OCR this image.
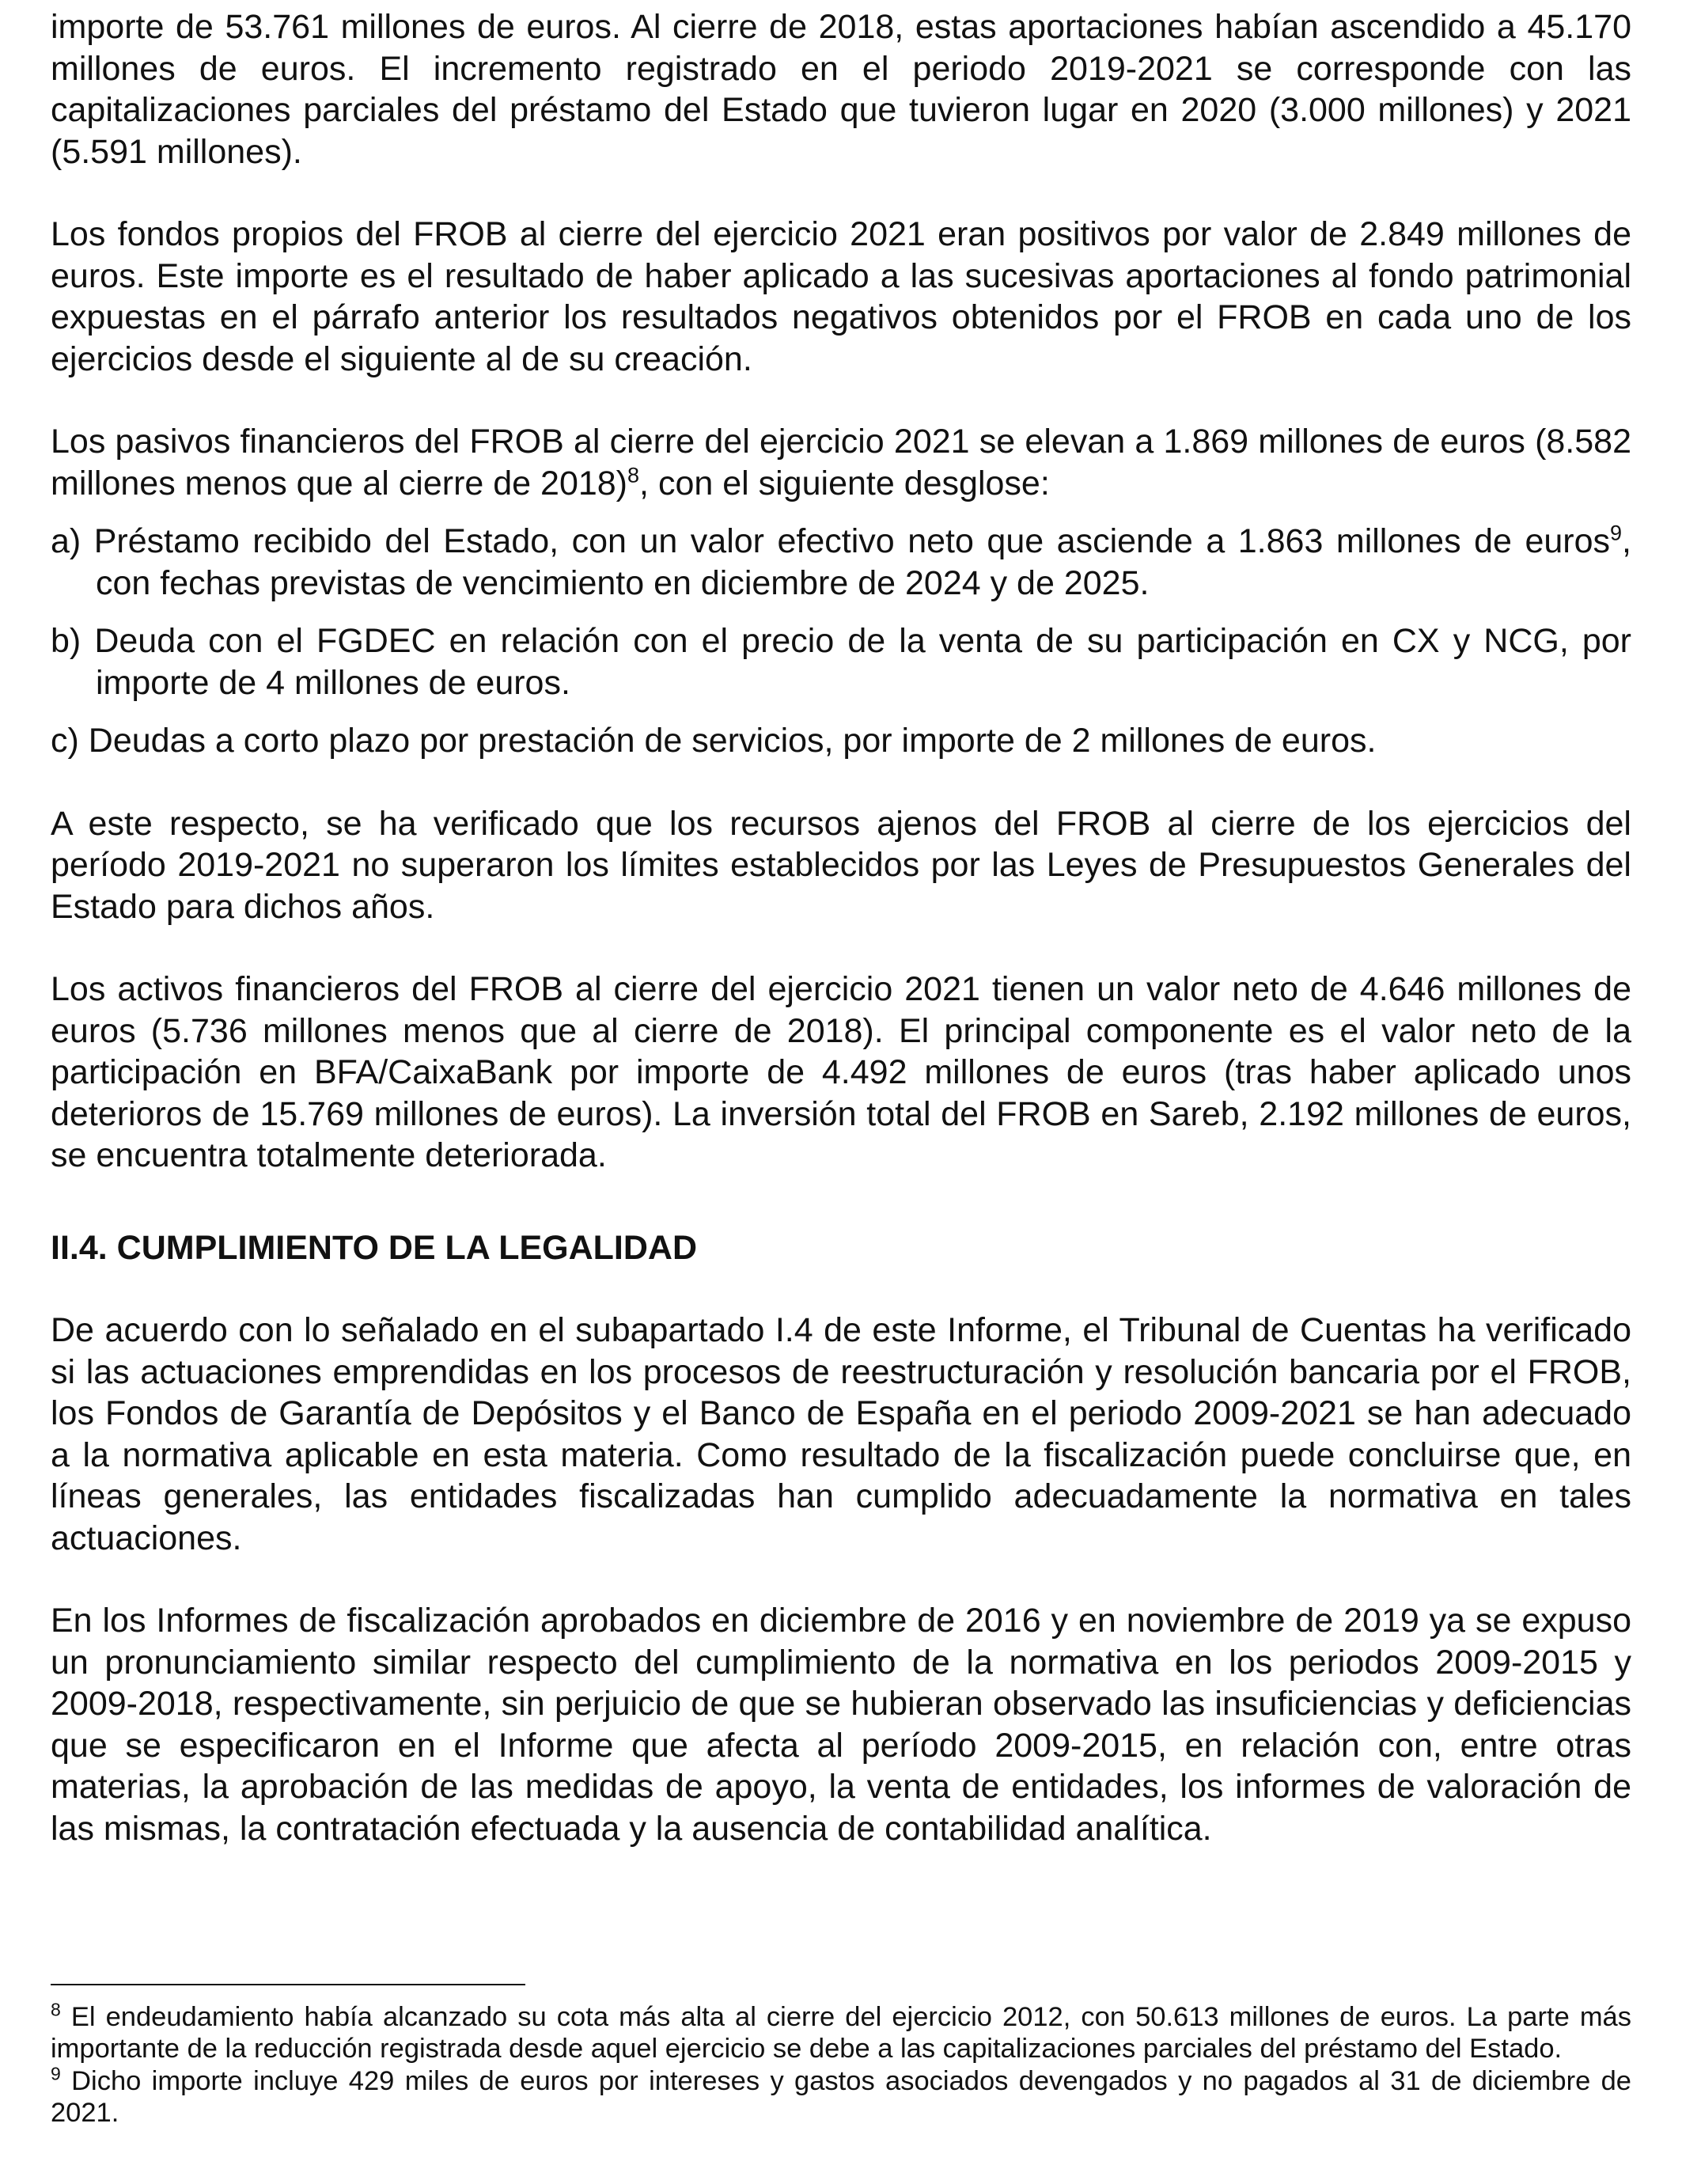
importe de 53.761 millones de euros. Al cierre de 2018, estas aportaciones habían ascendido a 45.170 millones de euros. El incremento registrado en el periodo 2019-2021 se corresponde con las capitalizaciones parciales del préstamo del Estado que tuvieron lugar en 2020 (3.000 millones) y 2021 (5.591 millones).

Los fondos propios del FROB al cierre del ejercicio 2021 eran positivos por valor de 2.849 millones de euros. Este importe es el resultado de haber aplicado a las sucesivas aportaciones al fondo patrimonial expuestas en el párrafo anterior los resultados negativos obtenidos por el FROB en cada uno de los ejercicios desde el siguiente al de su creación.

Los pasivos financieros del FROB al cierre del ejercicio 2021 se elevan a 1.869 millones de euros (8.582 millones menos que al cierre de 2018)$^8$, con el siguiente desglose:

a) Préstamo recibido del Estado, con un valor efectivo neto que asciende a 1.863 millones de euros$^9$, con fechas previstas de vencimiento en diciembre de 2024 y de 2025.

b) Deuda con el FGDEC en relación con el precio de la venta de su participación en CX y NCG, por importe de 4 millones de euros.

c) Deudas a corto plazo por prestación de servicios, por importe de 2 millones de euros.

A este respecto, se ha verificado que los recursos ajenos del FROB al cierre de los ejercicios del período 2019-2021 no superaron los límites establecidos por las Leyes de Presupuestos Generales del Estado para dichos años.

Los activos financieros del FROB al cierre del ejercicio 2021 tienen un valor neto de 4.646 millones de euros (5.736 millones menos que al cierre de 2018). El principal componente es el valor neto de la participación en BFA/CaixaBank por importe de 4.492 millones de euros (tras haber aplicado unos deterioros de 15.769 millones de euros). La inversión total del FROB en Sareb, 2.192 millones de euros, se encuentra totalmente deteriorada.

II.4. CUMPLIMIENTO DE LA LEGALIDAD

De acuerdo con lo señalado en el subapartado I.4 de este Informe, el Tribunal de Cuentas ha verificado si las actuaciones emprendidas en los procesos de reestructuración y resolución bancaria por el FROB, los Fondos de Garantía de Depósitos y el Banco de España en el periodo 2009-2021 se han adecuado a la normativa aplicable en esta materia. Como resultado de la fiscalización puede concluirse que, en líneas generales, las entidades fiscalizadas han cumplido adecuadamente la normativa en tales actuaciones.

En los Informes de fiscalización aprobados en diciembre de 2016 y en noviembre de 2019 ya se expuso un pronunciamiento similar respecto del cumplimiento de la normativa en los periodos 2009-2015 y 2009-2018, respectivamente, sin perjuicio de que se hubieran observado las insuficiencias y deficiencias que se especificaron en el Informe que afecta al período 2009-2015, en relación con, entre otras materias, la aprobación de las medidas de apoyo, la venta de entidades, los informes de valoración de las mismas, la contratación efectuada y la ausencia de contabilidad analítica.

$^8$ El endeudamiento había alcanzado su cota más alta al cierre del ejercicio 2012, con 50.613 millones de euros. La parte más importante de la reducción registrada desde aquel ejercicio se debe a las capitalizaciones parciales del préstamo del Estado.

$^9$ Dicho importe incluye 429 miles de euros por intereses y gastos asociados devengados y no pagados al 31 de diciembre de 2021.
